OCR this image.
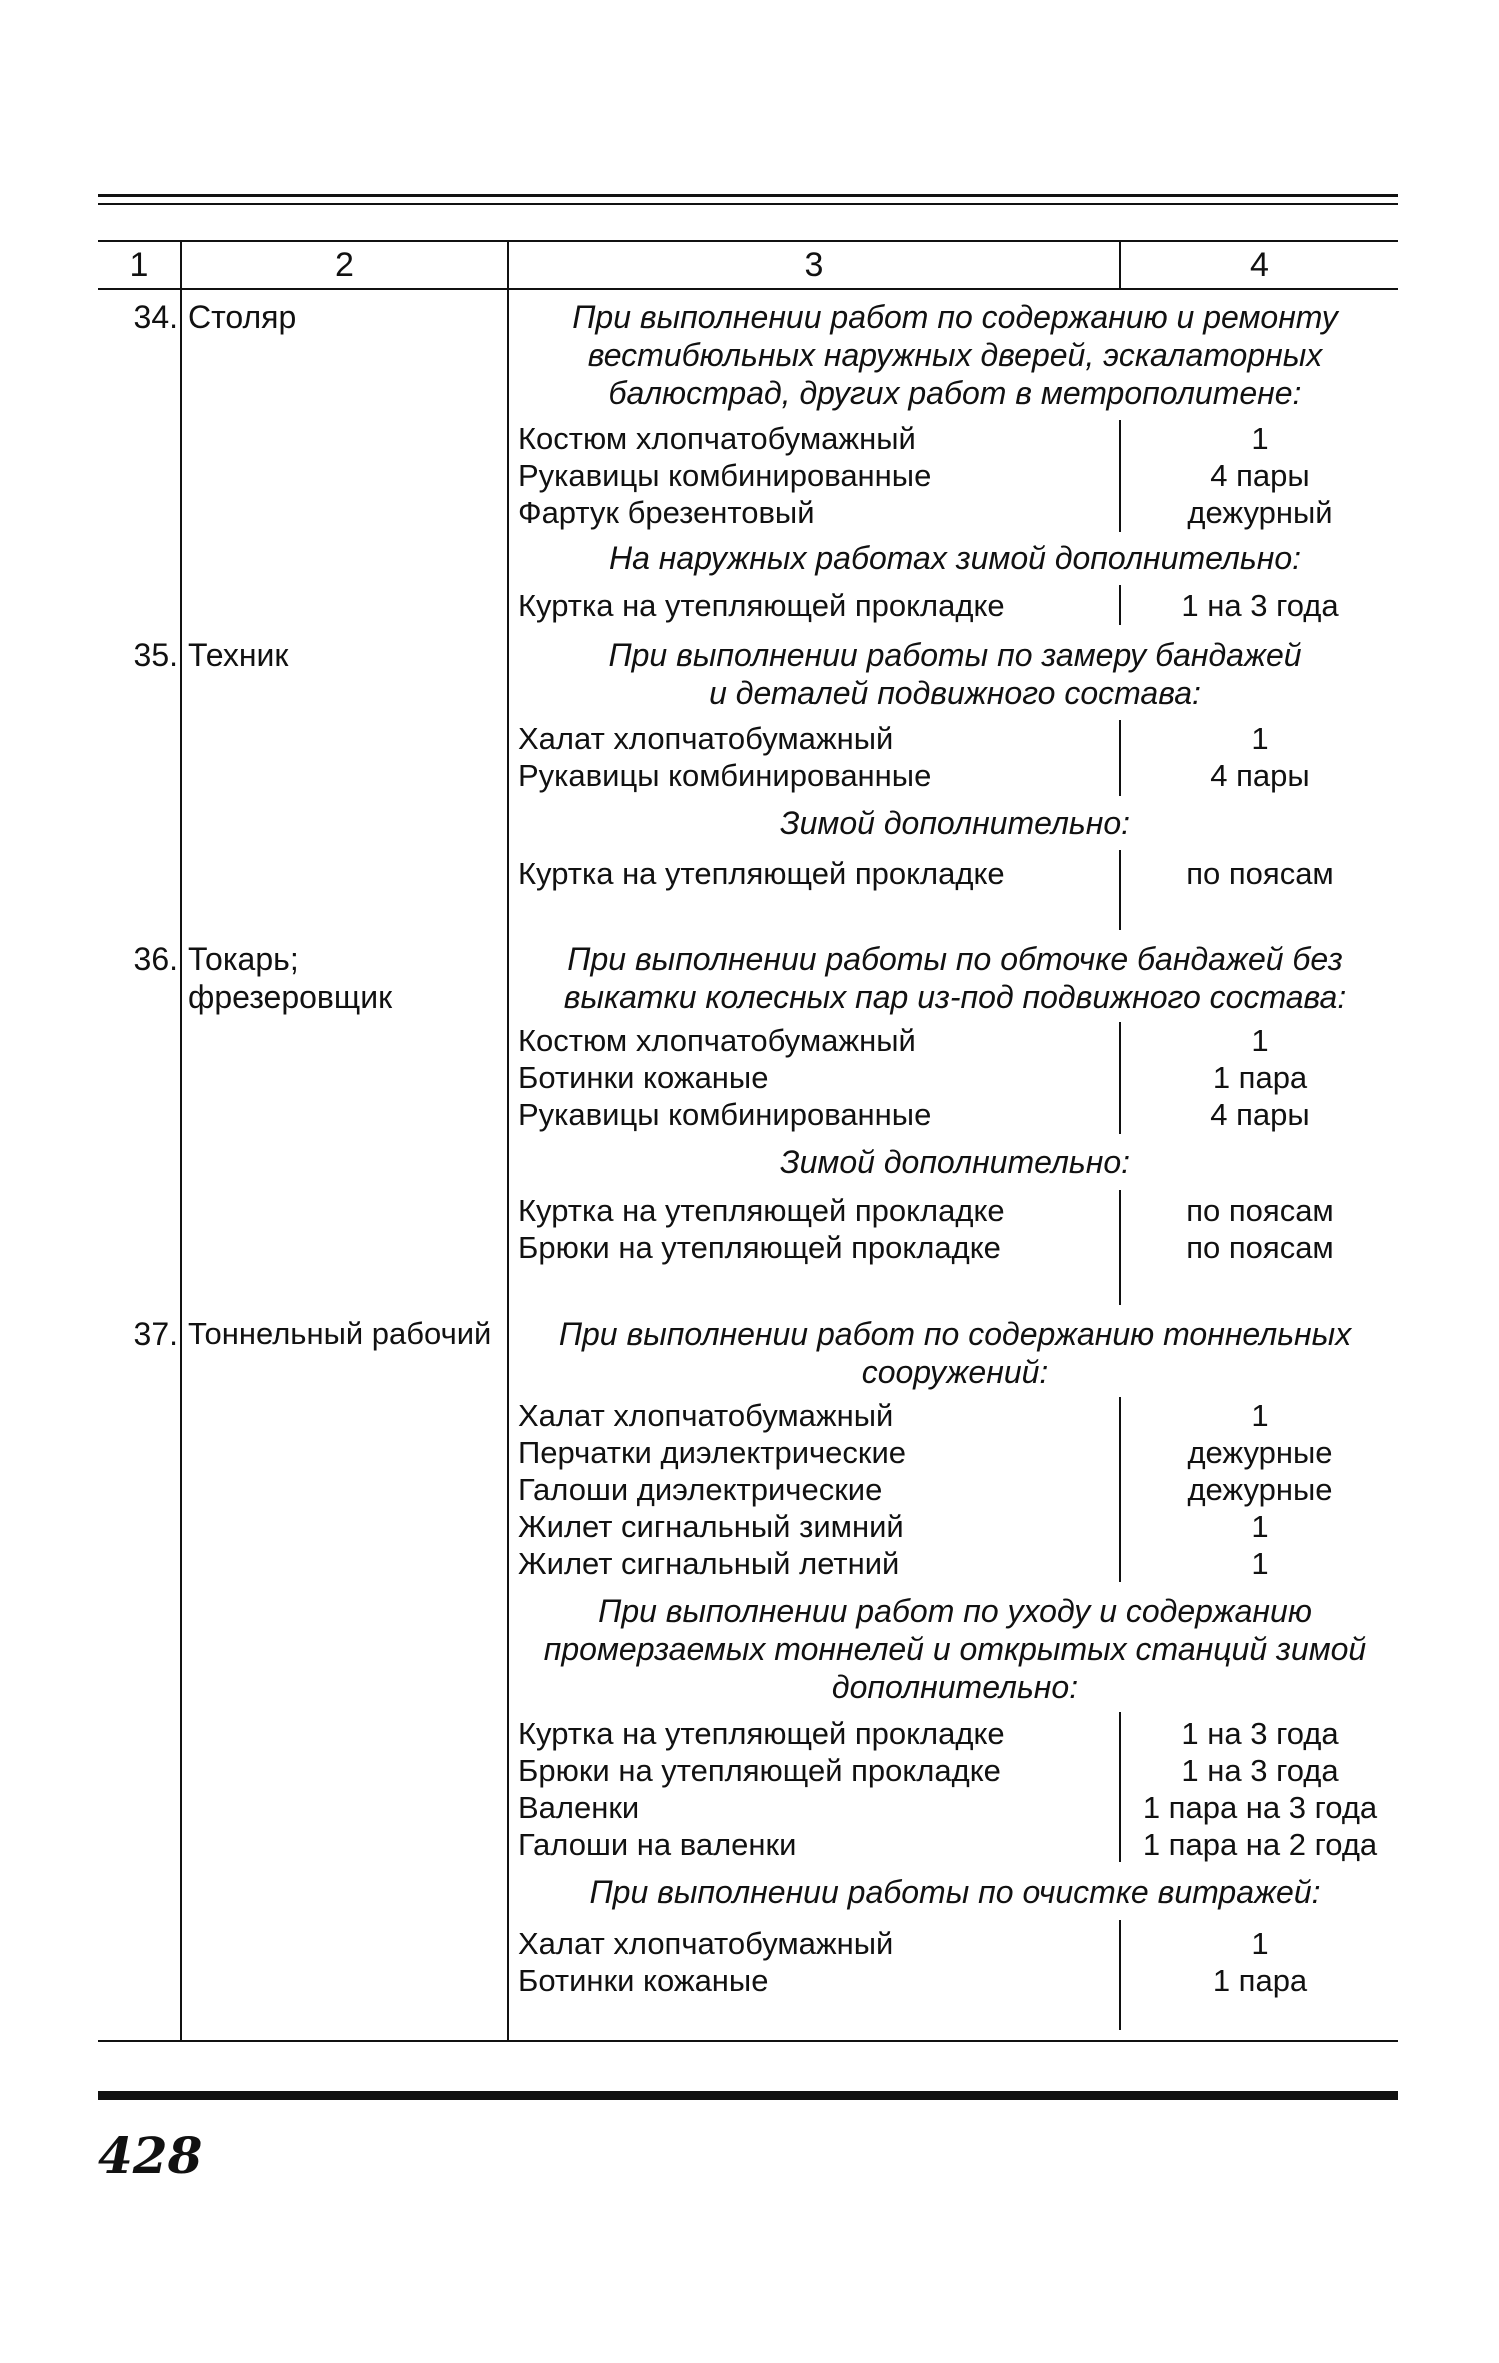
1	2	3	4
34. Столяр	При выполнении работ по содержанию и ремонту
вестибюльных наружных дверей, эскалаторных
балюстрад, других работ в метрополитене:
Костюм хлопчатобумажный	1
Рукавицы комбинированные	4 пары
Фартук брезентовый	дежурный
На наружных работах зимой дополнительно:
Куртка на утепляющей прокладке	1 на 3 года
35. Техник	При выполнении работы по замеру бандажей
и деталей подвижного состава:
Халат хлопчатобумажный	1
Рукавицы комбинированные	4 пары
Зимой дополнительно:
Куртка на утепляющей прокладке	по поясам
36. Токарь;
фрезеровщик
При выполнении работы по обточке бандажей без
выкатки колесных пар из‑под подвижного состава:
Костюм хлопчатобумажный	1
Ботинки кожаные	1 пара
Рукавицы комбинированные	4 пары
Зимой дополнительно:
Куртка на утепляющей прокладке	по поясам
Брюки на утепляющей прокладке	по поясам
37. Тоннельный рабочий	При выполнении работ по содержанию тоннельных
сооружений:
Халат хлопчатобумажный	1
Перчатки диэлектрические	дежурные
Галоши диэлектрические	дежурные
Жилет сигнальный зимний	1
Жилет сигнальный летний	1
При выполнении работ по уходу и содержанию
промерзаемых тоннелей и открытых станций зимой
дополнительно:
Куртка на утепляющей прокладке	1 на 3 года
Брюки на утепляющей прокладке	1 на 3 года
Валенки	1 пара на 3 года
Галоши на валенки	1 пара на 2 года
При выполнении работы по очистке витражей:
Халат хлопчатобумажный	1
Ботинки кожаные	1 пара
428
